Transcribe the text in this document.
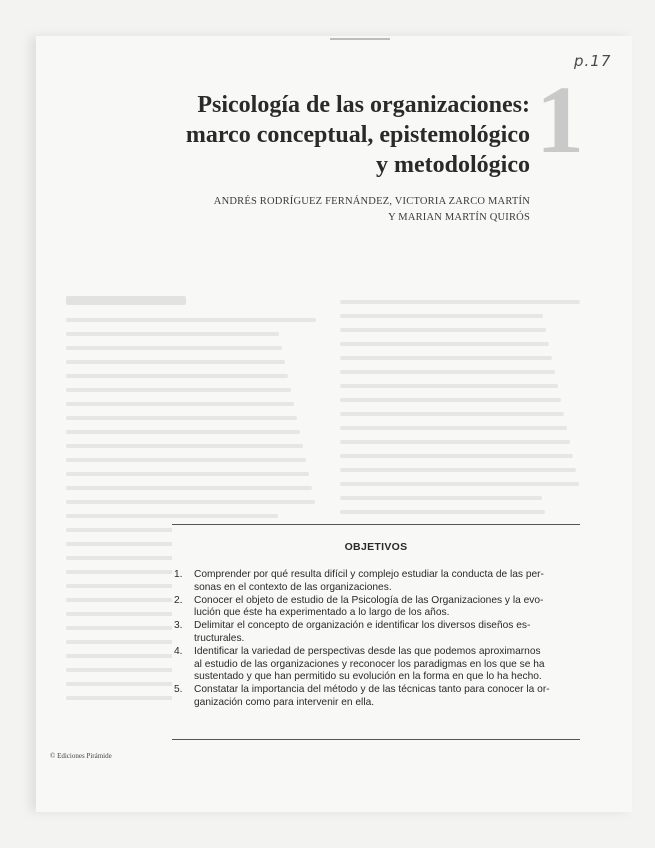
p.17
1
Psicología de las organizaciones:
marco conceptual, epistemológico
y metodológico
ANDRÉS RODRÍGUEZ FERNÁNDEZ, VICTORIA ZARCO MARTÍN
Y MARIAN MARTÍN QUIRÓS
OBJETIVOS
1.	Comprender por qué resulta difícil y complejo estudiar la conducta de las per-
sonas en el contexto de las organizaciones.
2.	Conocer el objeto de estudio de la Psicología de las Organizaciones y la evo-
lución que éste ha experimentado a lo largo de los años.
3.	Delimitar el concepto de organización e identificar los diversos diseños es-
tructurales.
4.	Identificar la variedad de perspectivas desde las que podemos aproximarnos
al estudio de las organizaciones y reconocer los paradigmas en los que se ha
sustentado y que han permitido su evolución en la forma en que lo ha hecho.
5.	Constatar la importancia del método y de las técnicas tanto para conocer la or-
ganización como para intervenir en ella.
© Ediciones Pirámide
